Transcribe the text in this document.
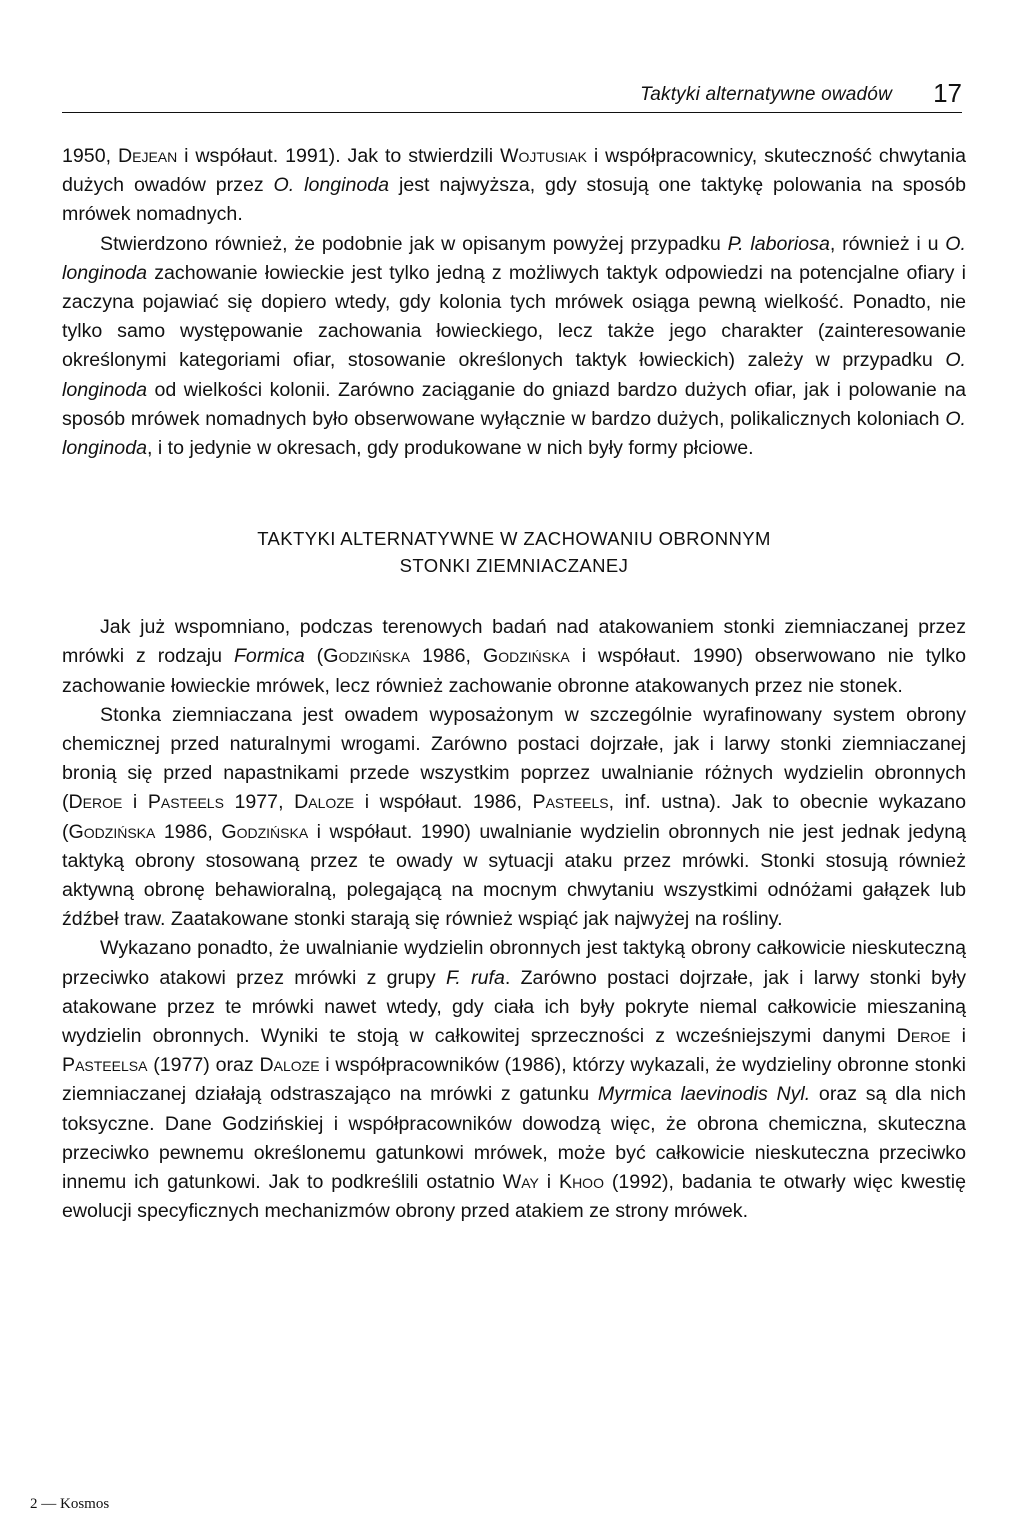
Taktyki alternatywne owadów 17

1950, Dejean i współaut. 1991). Jak to stwierdzili Wojtusiak i współpracownicy, skuteczność chwytania dużych owadów przez O. longinoda jest najwyższa, gdy stosują one taktykę polowania na sposób mrówek nomadnych.

Stwierdzono również, że podobnie jak w opisanym powyżej przypadku P. laboriosa, również i u O. longinoda zachowanie łowieckie jest tylko jedną z możliwych taktyk odpowiedzi na potencjalne ofiary i zaczyna pojawiać się dopiero wtedy, gdy kolonia tych mrówek osiąga pewną wielkość. Ponadto, nie tylko samo występowanie zachowania łowieckiego, lecz także jego charakter (zainteresowanie określonymi kategoriami ofiar, stosowanie określonych taktyk łowieckich) zależy w przypadku O. longinoda od wielkości kolonii. Zarówno zaciąganie do gniazd bardzo dużych ofiar, jak i polowanie na sposób mrówek nomadnych było obserwowane wyłącznie w bardzo dużych, polikalicznych koloniach O. longinoda, i to jedynie w okresach, gdy produkowane w nich były formy płciowe.

TAKTYKI ALTERNATYWNE W ZACHOWANIU OBRONNYM
STONKI ZIEMNIACZANEJ

Jak już wspomniano, podczas terenowych badań nad atakowaniem stonki ziemniaczanej przez mrówki z rodzaju Formica (Godzińska 1986, Godzińska i współaut. 1990) obserwowano nie tylko zachowanie łowieckie mrówek, lecz również zachowanie obronne atakowanych przez nie stonek.

Stonka ziemniaczana jest owadem wyposażonym w szczególnie wyrafinowany system obrony chemicznej przed naturalnymi wrogami. Zarówno postaci dojrzałe, jak i larwy stonki ziemniaczanej bronią się przed napastnikami przede wszystkim poprzez uwalnianie różnych wydzielin obronnych (Deroe i Pasteels 1977, Daloze i współaut. 1986, Pasteels, inf. ustna). Jak to obecnie wykazano (Godzińska 1986, Godzińska i współaut. 1990) uwalnianie wydzielin obronnych nie jest jednak jedyną taktyką obrony stosowaną przez te owady w sytuacji ataku przez mrówki. Stonki stosują również aktywną obronę behawioralną, polegającą na mocnym chwytaniu wszystkimi odnóżami gałązek lub źdźbeł traw. Zaatakowane stonki starają się również wspiąć jak najwyżej na rośliny.

Wykazano ponadto, że uwalnianie wydzielin obronnych jest taktyką obrony całkowicie nieskuteczną przeciwko atakowi przez mrówki z grupy F. rufa. Zarówno postaci dojrzałe, jak i larwy stonki były atakowane przez te mrówki nawet wtedy, gdy ciała ich były pokryte niemal całkowicie mieszaniną wydzielin obronnych. Wyniki te stoją w całkowitej sprzeczności z wcześniejszymi danymi Deroe i Pasteelsa (1977) oraz Daloze i współpracowników (1986), którzy wykazali, że wydzieliny obronne stonki ziemniaczanej działają odstraszająco na mrówki z gatunku Myrmica laevinodis Nyl. oraz są dla nich toksyczne. Dane Godzińskiej i współpracowników dowodzą więc, że obrona chemiczna, skuteczna przeciwko pewnemu określonemu gatunkowi mrówek, może być całkowicie nieskuteczna przeciwko innemu ich gatunkowi. Jak to podkreślili ostatnio Way i Khoo (1992), badania te otwarły więc kwestię ewolucji specyficznych mechanizmów obrony przed atakiem ze strony mrówek.

2 — Kosmos
